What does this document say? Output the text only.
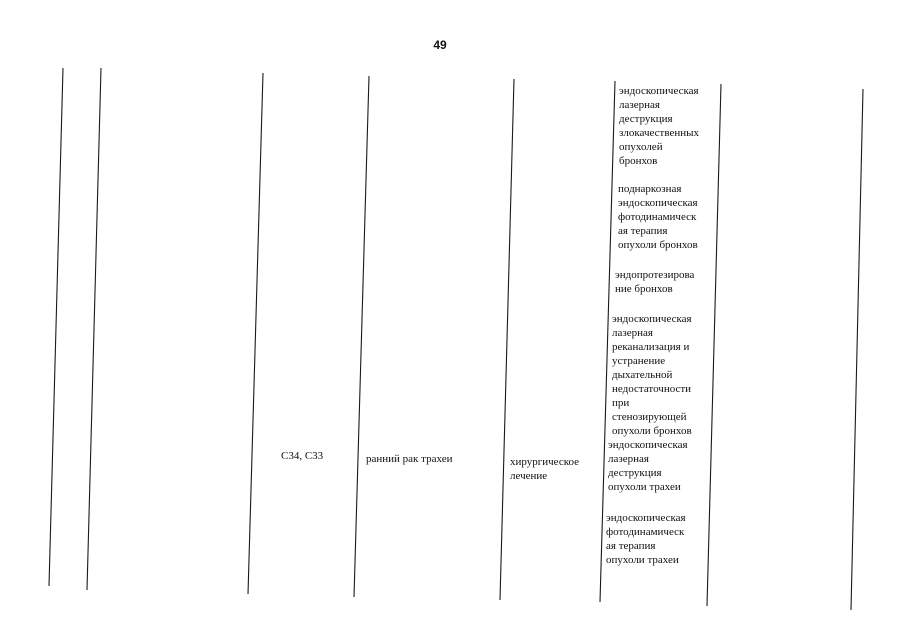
49
C34, C33	ранний рак трахеи	хирургическое лечение

эндоскопическая
лазерная
деструкция
злокачественных
опухолей
бронхов

поднаркозная
эндоскопическая
фотодинамическ
ая терапия
опухоли бронхов

эндопротезирова
ние бронхов

эндоскопическая
лазерная
реканализация и
устранение
дыхательной
недостаточности
при
стенозирующей
опухоли бронхов

эндоскопическая
лазерная
деструкция
опухоли трахеи

эндоскопическая
фотодинамическ
ая терапия
опухоли трахеи
